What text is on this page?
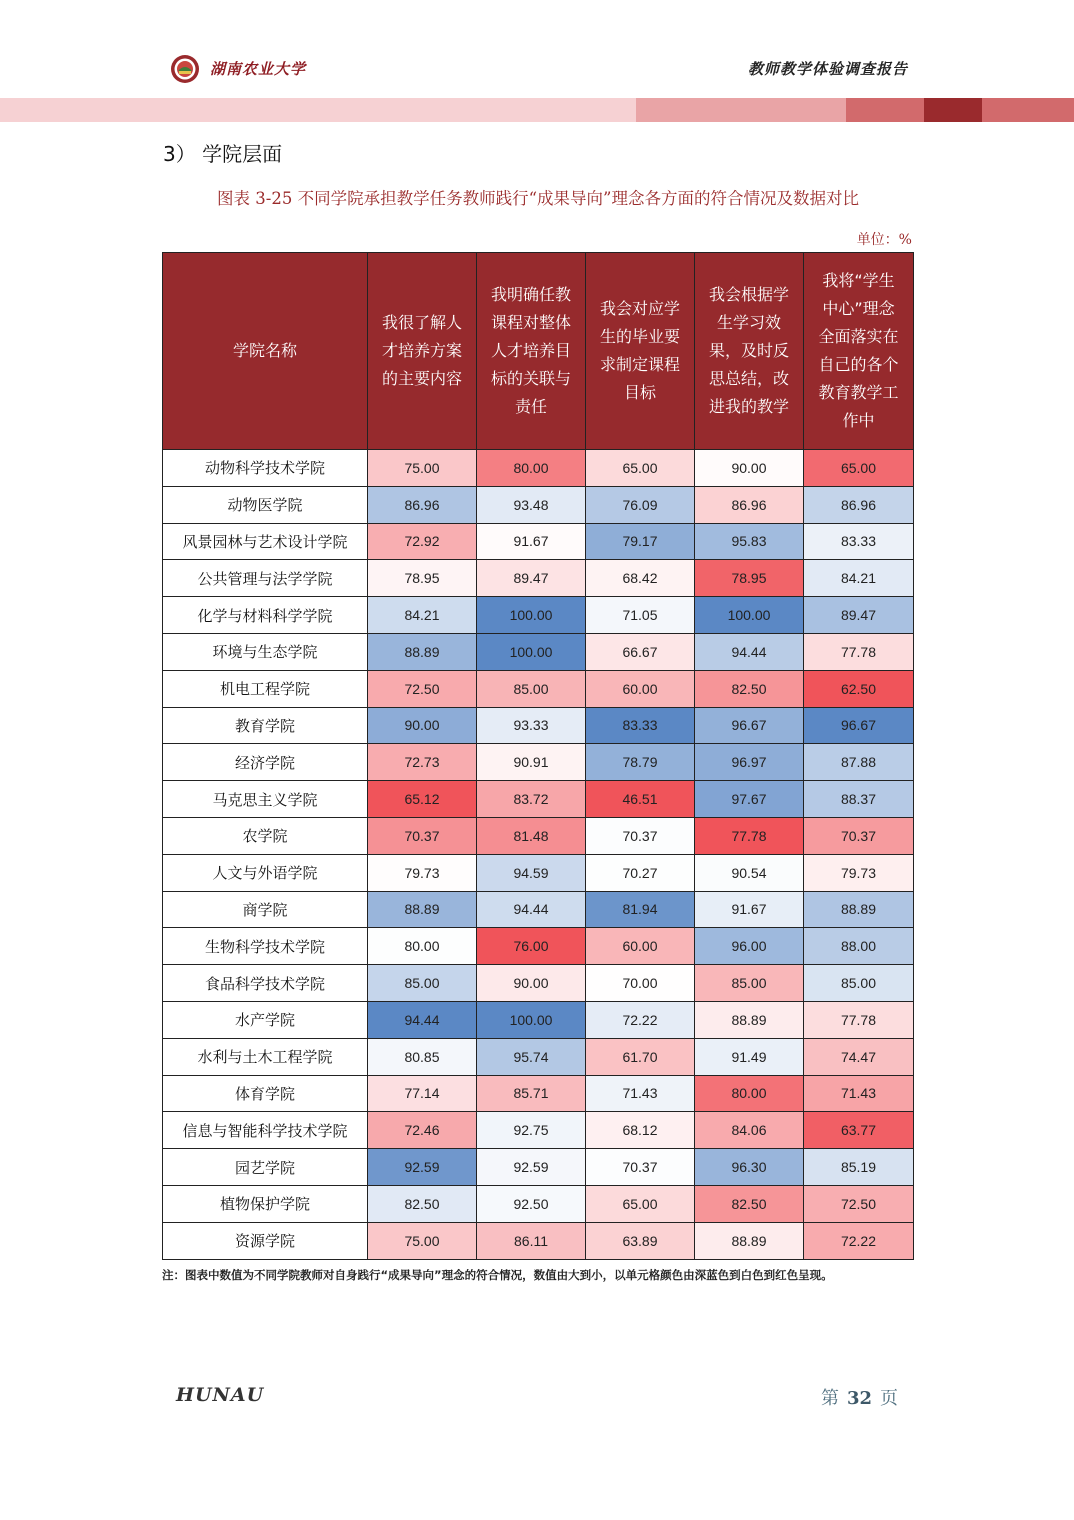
湖南农业大学	教师教学体验调查报告
3） 学院层面
图表 3-25 不同学院承担教学任务教师践行“成果导向”理念各方面的符合情况及数据对比
单位：%
学院名称	我很了解人才培养方案的主要内容	我明确任教课程对整体人才培养目标的关联与责任	我会对应学生的毕业要求制定课程目标	我会根据学生学习效果，及时反思总结，改进我的教学	我将“学生中心”理念全面落实在自己的各个教育教学工作中
动物科学技术学院	75.00	80.00	65.00	90.00	65.00
动物医学院	86.96	93.48	76.09	86.96	86.96
风景园林与艺术设计学院	72.92	91.67	79.17	95.83	83.33
公共管理与法学学院	78.95	89.47	68.42	78.95	84.21
化学与材料科学学院	84.21	100.00	71.05	100.00	89.47
环境与生态学院	88.89	100.00	66.67	94.44	77.78
机电工程学院	72.50	85.00	60.00	82.50	62.50
教育学院	90.00	93.33	83.33	96.67	96.67
经济学院	72.73	90.91	78.79	96.97	87.88
马克思主义学院	65.12	83.72	46.51	97.67	88.37
农学院	70.37	81.48	70.37	77.78	70.37
人文与外语学院	79.73	94.59	70.27	90.54	79.73
商学院	88.89	94.44	81.94	91.67	88.89
生物科学技术学院	80.00	76.00	60.00	96.00	88.00
食品科学技术学院	85.00	90.00	70.00	85.00	85.00
水产学院	94.44	100.00	72.22	88.89	77.78
水利与土木工程学院	80.85	95.74	61.70	91.49	74.47
体育学院	77.14	85.71	71.43	80.00	71.43
信息与智能科学技术学院	72.46	92.75	68.12	84.06	63.77
园艺学院	92.59	92.59	70.37	96.30	85.19
植物保护学院	82.50	92.50	65.00	82.50	72.50
资源学院	75.00	86.11	63.89	88.89	72.22
注：图表中数值为不同学院教师对自身践行“成果导向”理念的符合情况，数值由大到小，以单元格颜色由深蓝色到白色到红色呈现。
HUNAU	第 32 页
